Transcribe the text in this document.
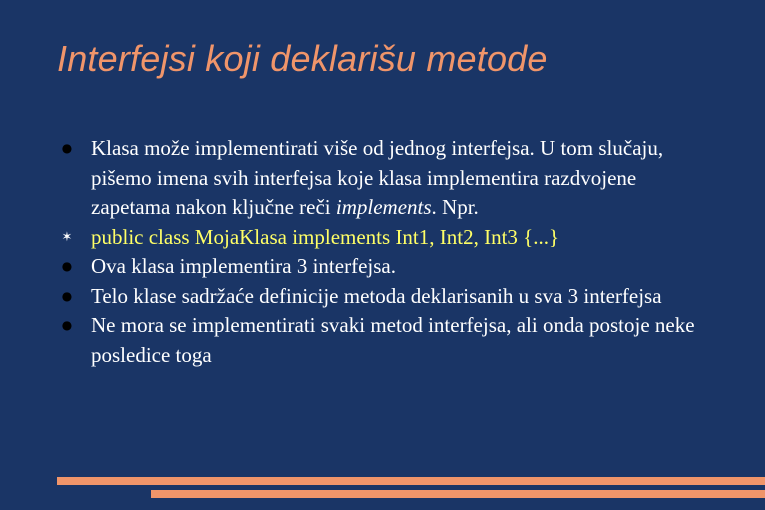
Interfejsi koji deklarišu metode
● Klasa može implementirati više od jednog interfejsa. U tom slučaju, pišemo imena svih interfejsa koje klasa implementira razdvojene zapetama nakon ključne reči implements. Npr.
✶ public class MojaKlasa implements Int1, Int2, Int3 {...}
● Ova klasa implementira 3 interfejsa.
● Telo klase sadržaće definicije metoda deklarisanih u sva 3 interfejsa
● Ne mora se implementirati svaki metod interfejsa, ali onda postoje neke posledice toga
